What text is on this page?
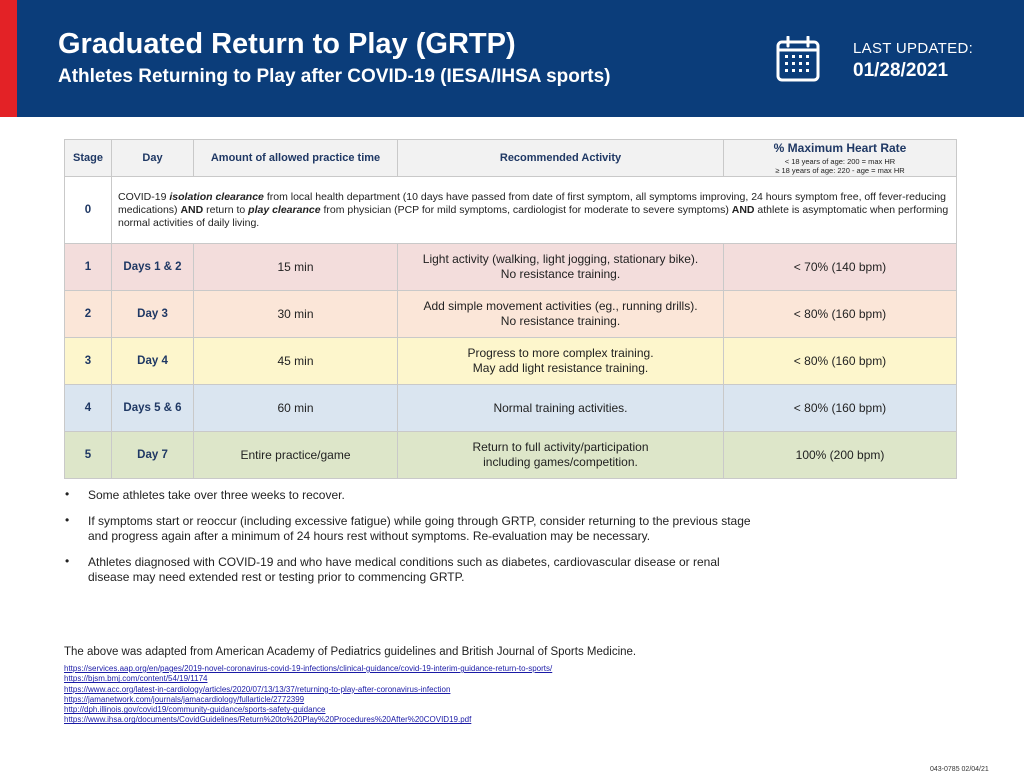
Graduated Return to Play (GRTP)
Athletes Returning to Play after COVID-19 (IESA/IHSA sports)
LAST UPDATED:
01/28/2021
Stage	Day	Amount of allowed practice time	Recommended Activity	% Maximum Heart Rate
< 18 years of age: 200 = max HR
≥ 18 years of age: 220 - age = max HR

0	COVID-19 isolation clearance from local health department (10 days have passed from date of first symptom, all symptoms improving, 24 hours symptom free, off fever-reducing medications) AND return to play clearance from physician (PCP for mild symptoms, cardiologist for moderate to severe symptoms) AND athlete is asymptomatic when performing normal activities of daily living.			
1	Days 1 & 2	15 min	Light activity (walking, light jogging, stationary bike).
No resistance training.	< 70% (140 bpm)
2	Day 3	30 min	Add simple movement activities (eg., running drills).
No resistance training.	< 80% (160 bpm)
3	Day 4	45 min	Progress to more complex training.
May add light resistance training.	< 80% (160 bpm)
4	Days 5 & 6	60 min	Normal training activities.	< 80% (160 bpm)
5	Day 7	Entire practice/game	Return to full activity/participation
including games/competition.	100% (200 bpm)
• Some athletes take over three weeks to recover.
• If symptoms start or reoccur (including excessive fatigue) while going through GRTP, consider returning to the previous stage and progress again after a minimum of 24 hours rest without symptoms. Re-evaluation may be necessary.
• Athletes diagnosed with COVID-19 and who have medical conditions such as diabetes, cardiovascular disease or renal disease may need extended rest or testing prior to commencing GRTP.
The above was adapted from American Academy of Pediatrics guidelines and British Journal of Sports Medicine.
https://services.aap.org/en/pages/2019-novel-coronavirus-covid-19-infections/clinical-guidance/covid-19-interim-guidance-return-to-sports/
https://bjsm.bmj.com/content/54/19/1174
https://www.acc.org/latest-in-cardiology/articles/2020/07/13/13/37/returning-to-play-after-coronavirus-infection
https://jamanetwork.com/journals/jamacardiology/fullarticle/2772399
http://dph.illinois.gov/covid19/community-guidance/sports-safety-guidance
https://www.ihsa.org/documents/CovidGuidelines/Return%20to%20Play%20Procedures%20After%20COVID19.pdf
043-0785 02/04/21
